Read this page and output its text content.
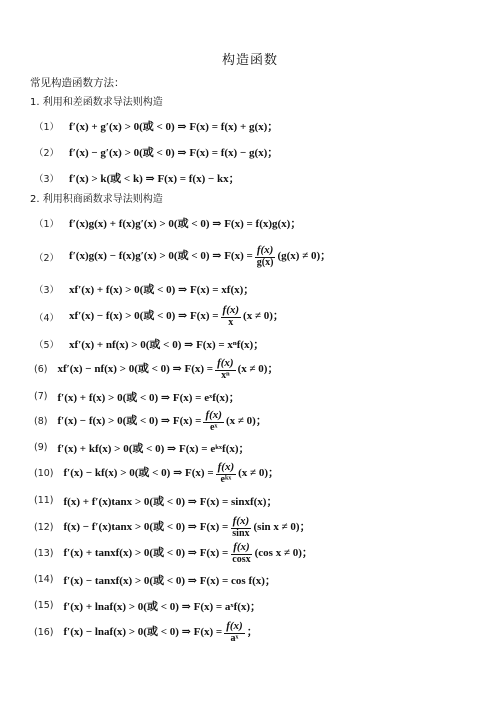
构造函数
常见构造函数方法：
1. 利用和差函数求导法则构造
（1） f′(x) + g′(x) > 0(或 < 0) ⇒ F(x) = f(x) + g(x)；
（2） f′(x) − g′(x) > 0(或 < 0) ⇒ F(x) = f(x) − g(x)；
（3） f′(x) > k(或 < k) ⇒ F(x) = f(x) − kx；
2. 利用积商函数求导法则构造
（1） f′(x)g(x) + f(x)g′(x) > 0(或 < 0) ⇒ F(x) = f(x)g(x)；
（2） f′(x)g(x) − f(x)g′(x) > 0(或 < 0) ⇒ $F(x) = \frac{f(x)}{g(x)} (g(x) \ne 0)$；
（3） xf′(x) + f(x) > 0(或 < 0) ⇒ F(x) = xf(x)；
（4） xf′(x) − f(x) > 0(或 < 0) ⇒ $F(x) = \frac{f(x)}{x} (x \ne 0)$；
（5） xf′(x) + nf(x) > 0(或 < 0) ⇒ F(x) = xⁿf(x)；
(6) xf′(x) − nf(x) > 0(或 < 0) ⇒ $F(x) = \frac{f(x)}{\text{xⁿ}} (x \ne 0)$；
(7) f′(x) + f(x) > 0(或 < 0) ⇒ F(x) = eˣf(x)；
(8) f′(x) − f(x) > 0(或 < 0) ⇒ $F(x) = \frac{f(x)}{\text{eˣ}} (x \ne 0)$；
(9) f′(x) + kf(x) > 0(或 < 0) ⇒ F(x) = eᵏˣf(x)；
(10) f′(x) − kf(x) > 0(或 < 0) ⇒ $F(x) = \frac{f(x)}{\text{eᵏˣ}} (x \ne 0)$；
(11) f(x) + f′(x)tanx > 0(或 < 0) ⇒ F(x) = sinxf(x)；
(12) f(x) − f′(x)tanx > 0(或 < 0) ⇒ $F(x) = \frac{f(x)}{\sin x} (\sin$ x ≠ 0)；
(13) f′(x) + tanxf(x) > 0(或 < 0) ⇒ $F(x) = \frac{f(x)}{\cos x} (\cos$ x ≠ 0)；
(14) f′(x) − tanxf(x) > 0(或 < 0) ⇒ F(x) = cos f(x)；
(15) f′(x) + lnaf(x) > 0(或 < 0) ⇒ F(x) = aˣf(x)；
(16) f′(x) − lnaf(x) > 0(或 < 0) ⇒ $F(x) = \frac{f(x)}{\text{aˣ}}$ ；
